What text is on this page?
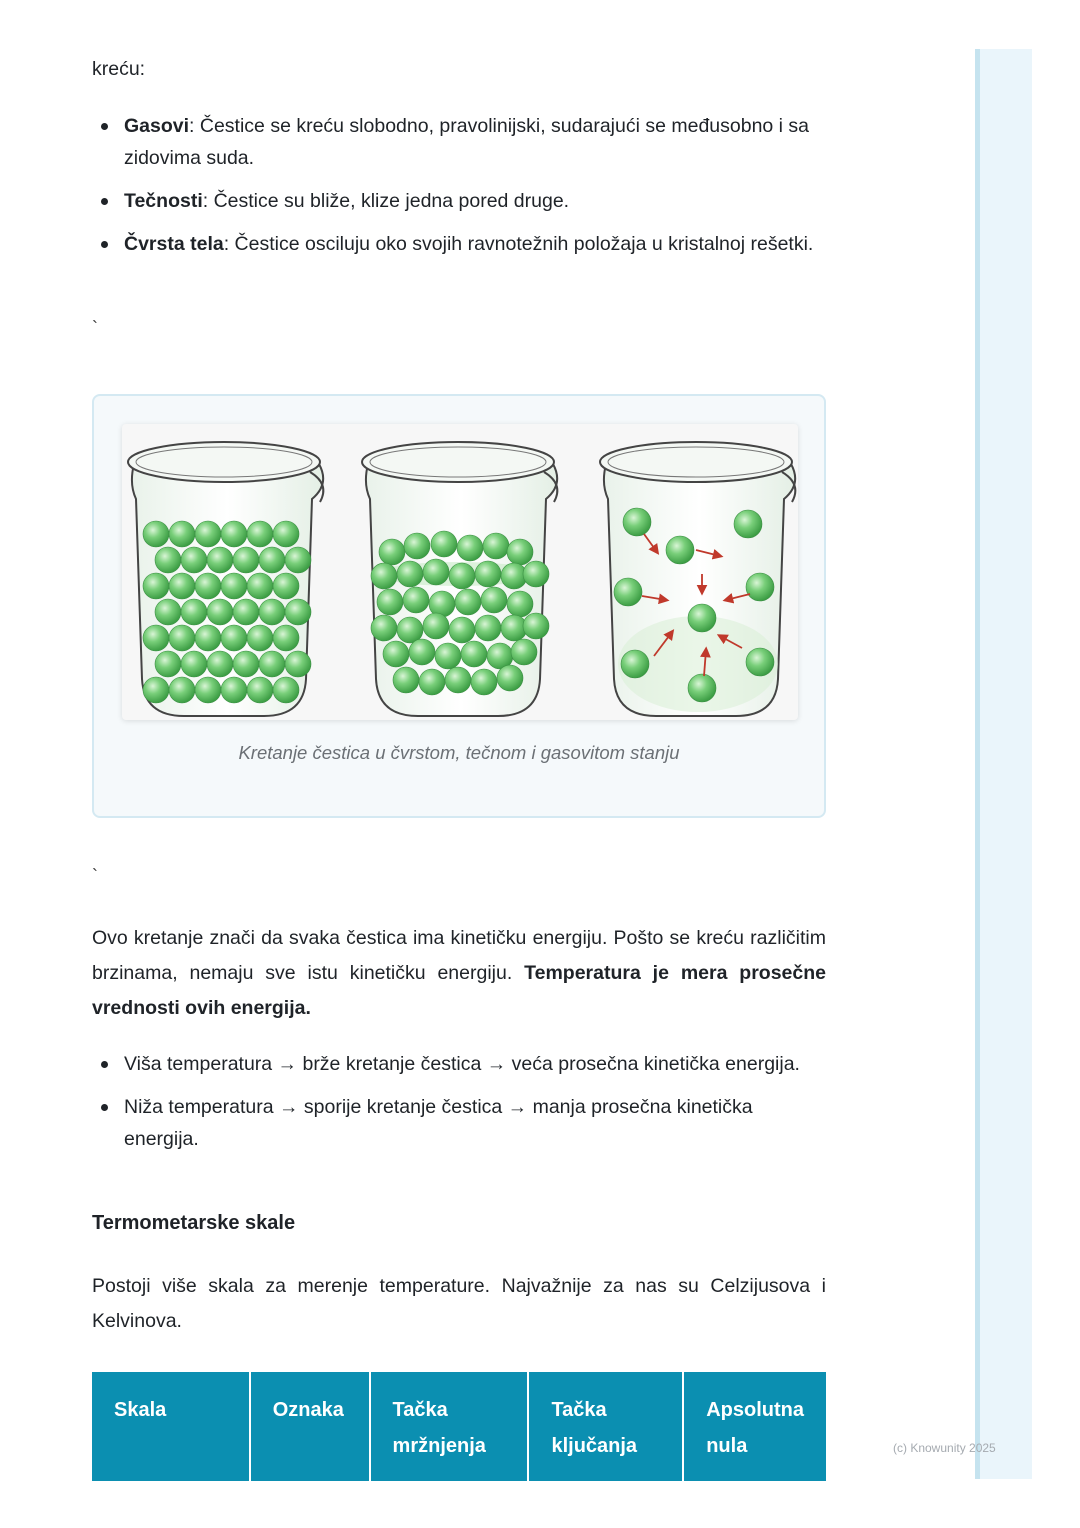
(c) Knowunity 2025

kreću:

Gasovi: Čestice se kreću slobodno, pravolinijski, sudarajući se međusobno i sa zidovima suda.
Tečnosti: Čestice su bliže, klize jedna pored druge.
Čvrsta tela: Čestice osciluju oko svojih ravnotežnih položaja u kristalnoj rešetki.
`
Kretanje čestica u čvrstom, tečnom i gasovitom stanju
`

Ovo kretanje znači da svaka čestica ima kinetičku energiju. Pošto se kreću različitim brzinama, nemaju sve istu kinetičku energiju. Temperatura je mera prosečne vrednosti ovih energija.

Viša temperatura → brže kretanje čestica → veća prosečna kinetička energija.
Niža temperatura → sporije kretanje čestica → manja prosečna kinetička energija.
Termometarske skale

Postoji više skala za merenje temperature. Najvažnije za nas su Celzijusova i Kelvinova.

Skala	Oznaka	Tačka mržnjenja	Tačka ključanja	Apsolutna nula
